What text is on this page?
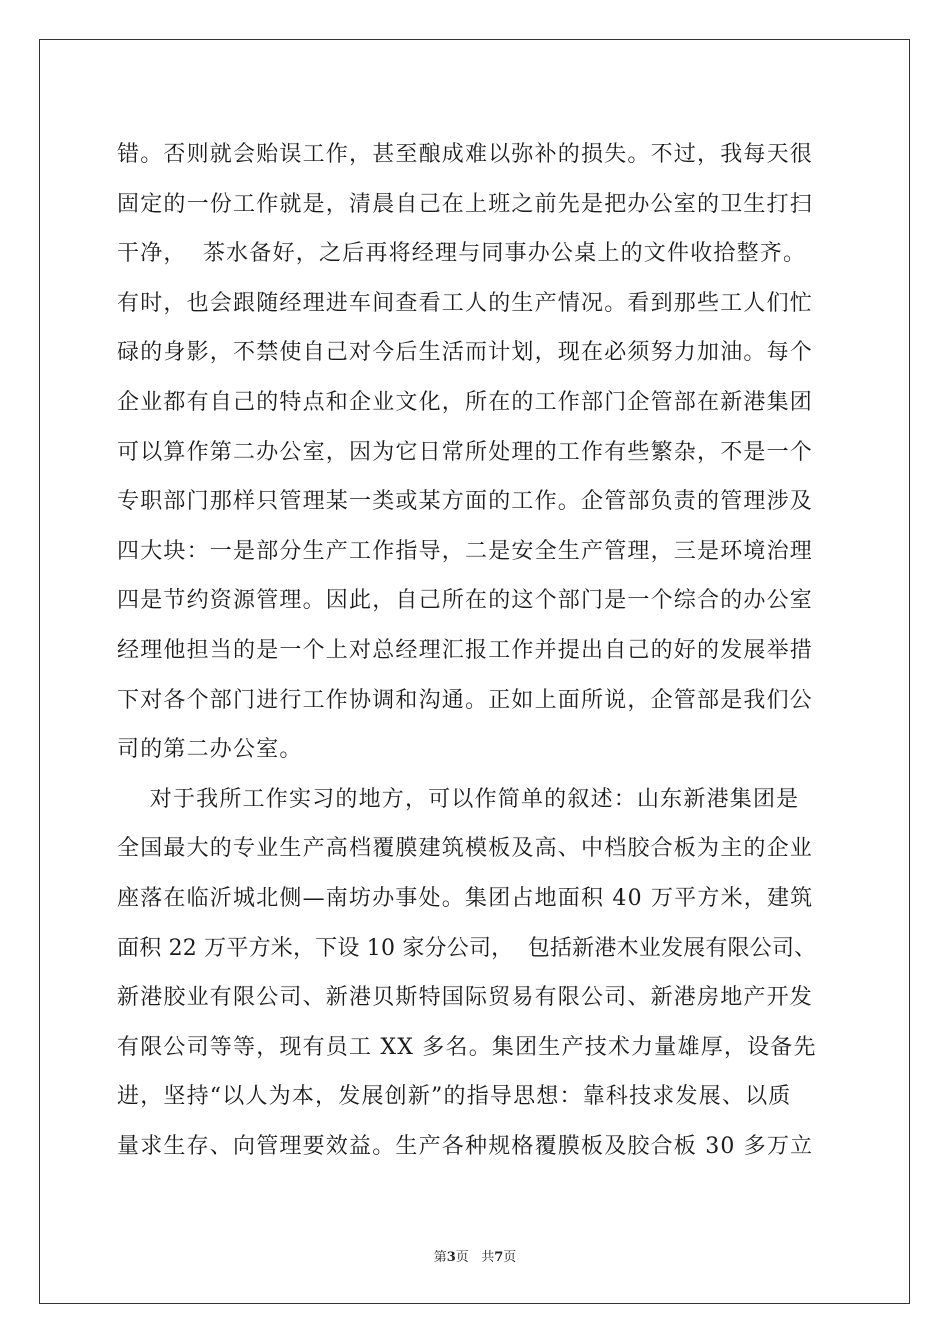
错。否则就会贻误工作，甚至酿成难以弥补的损失。不过，我每天很
固定的一份工作就是，清晨自己在上班之前先是把办公室的卫生打扫
干净，  茶水备好，之后再将经理与同事办公桌上的文件收拾整齐。
有时，也会跟随经理进车间查看工人的生产情况。看到那些工人们忙
碌的身影，不禁使自己对今后生活而计划，现在必须努力加油。每个
企业都有自己的特点和企业文化，所在的工作部门企管部在新港集团
可以算作第二办公室，因为它日常所处理的工作有些繁杂，不是一个
专职部门那样只管理某一类或某方面的工作。企管部负责的管理涉及
四大块：一是部分生产工作指导，二是安全生产管理，三是环境治理
四是节约资源管理。因此，自己所在的这个部门是一个综合的办公室
经理他担当的是一个上对总经理汇报工作并提出自己的好的发展举措
下对各个部门进行工作协调和沟通。正如上面所说，企管部是我们公
司的第二办公室。
对于我所工作实习的地方，可以作简单的叙述：山东新港集团是
全国最大的专业生产高档覆膜建筑模板及高、中档胶合板为主的企业
座落在临沂城北侧—南坊办事处。集团占地面积 40 万平方米，建筑
面积 22 万平方米，下设 10 家分公司，  包括新港木业发展有限公司、
新港胶业有限公司、新港贝斯特国际贸易有限公司、新港房地产开发
有限公司等等，现有员工 XX 多名。集团生产技术力量雄厚，设备先
进，坚持“以人为本，发展创新”的指导思想：靠科技求发展、以质
量求生存、向管理要效益。生产各种规格覆膜板及胶合板 30 多万立
第3页 共7页
